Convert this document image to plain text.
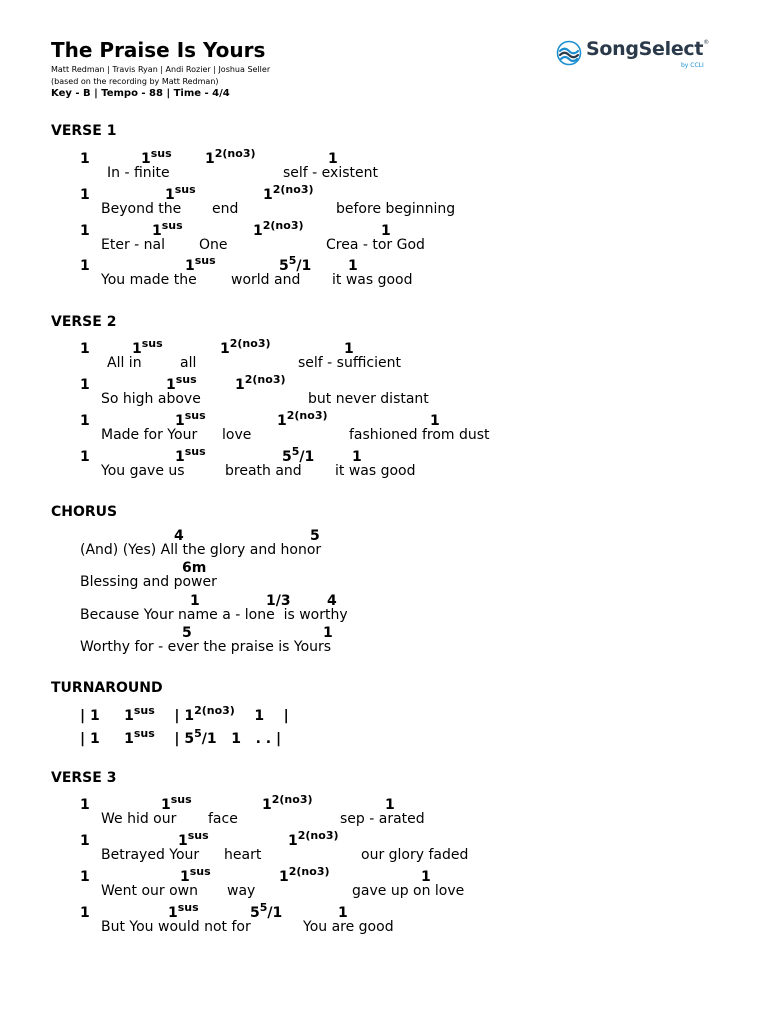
The Praise Is Yours
Matt Redman | Travis Ryan | Andi Rozier | Joshua Seller
(based on the recording by Matt Redman)
Key - B | Tempo - 88 | Time - 4/4
SongSelect®
by CCLI
VERSE 1
1	$1^{sus}$ $1^{2(no3)}$	1
In - finite	self - existent
1	$1^{sus}$	$1^{2(no3)}$
Beyond the end	before beginning
1	$1^{sus}$	$1^{2(no3)}$	1
Eter - nal One	Crea - tor God
1	$1^{sus}$	$5^5/1$	1
You made the world and it was good
VERSE 2
1	$1^{sus}$	$1^{2(no3)}$	1
All in	all	self - sufficient
1	$1^{sus}$	$1^{2(no3)}$
So high above	but never distant
1	$1^{sus}$	$1^{2(no3)}$	1
Made for Your love	fashioned from dust
1	$1^{sus}$	$5^5/1$	1
You gave us	breath and it was good
CHORUS
4	5
(And) (Yes) All the glory and honor
6m
Blessing and power
1	1/3	4
Because Your name a - lone  is worthy
5	1
Worthy for - ever the praise is Yours
TURNAROUND
| 1 $1^{sus}$ | $1^{2(no3)}$ 1 |
| 1 $1^{sus}$ | $5^5/1$ 1 . . |
VERSE 3
1	$1^{sus}$	$1^{2(no3)}$	1
We hid our face	sep - arated
1	$1^{sus}$	$1^{2(no3)}$
Betrayed Your heart	our glory faded
1	$1^{sus}$	$1^{2(no3)}$	1
Went our own way	gave up on love
1	$1^{sus}$	$5^5/1$	1
But You would not for	You are good
